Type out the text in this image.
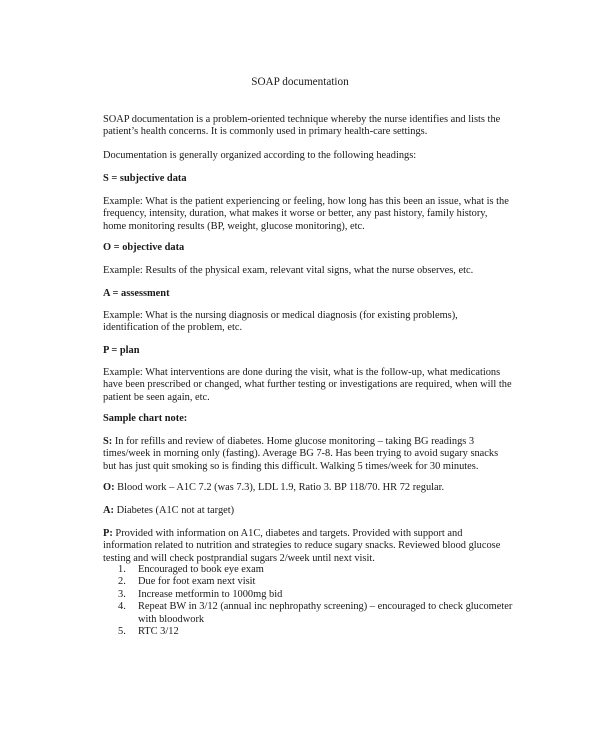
SOAP documentation

SOAP documentation is a problem-oriented technique whereby the nurse identifies and lists the patient’s health concerns. It is commonly used in primary health-care settings.

Documentation is generally organized according to the following headings:

S = subjective data

Example: What is the patient experiencing or feeling, how long has this been an issue, what is the frequency, intensity, duration, what makes it worse or better, any past history, family history, home monitoring results (BP, weight, glucose monitoring), etc.

O = objective data

Example: Results of the physical exam, relevant vital signs, what the nurse observes, etc.

A = assessment

Example: What is the nursing diagnosis or medical diagnosis (for existing problems), identification of the problem, etc.

P = plan

Example: What interventions are done during the visit, what is the follow-up, what medications have been prescribed or changed, what further testing or investigations are required, when will the patient be seen again, etc.

Sample chart note:

S: In for refills and review of diabetes. Home glucose monitoring – taking BG readings 3 times/week in morning only (fasting). Average BG 7-8. Has been trying to avoid sugary snacks but has just quit smoking so is finding this difficult. Walking 5 times/week for 30 minutes.

O: Blood work – A1C 7.2 (was 7.3), LDL 1.9, Ratio 3. BP 118/70. HR 72 regular.

A: Diabetes (A1C not at target)

P: Provided with information on A1C, diabetes and targets. Provided with support and information related to nutrition and strategies to reduce sugary snacks. Reviewed blood glucose testing and will check postprandial sugars 2/week until next visit.

1. Encouraged to book eye exam
2. Due for foot exam next visit
3. Increase metformin to 1000mg bid
4. Repeat BW in 3/12 (annual inc nephropathy screening) – encouraged to check glucometer with bloodwork
5. RTC 3/12
